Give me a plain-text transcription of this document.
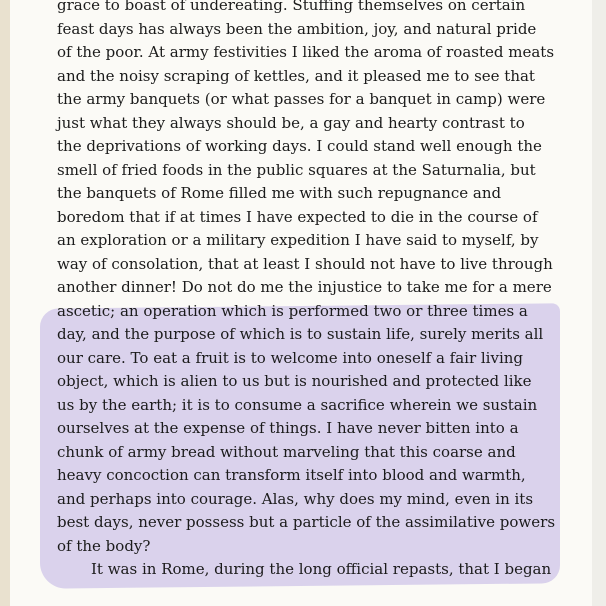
grace to boast of undereating. Stuffing themselves on certain
feast days has always been the ambition, joy, and natural pride
of the poor. At army festivities I liked the aroma of roasted meats
and the noisy scraping of kettles, and it pleased me to see that
the army banquets (or what passes for a banquet in camp) were
just what they always should be, a gay and hearty contrast to
the deprivations of working days. I could stand well enough the
smell of fried foods in the public squares at the Saturnalia, but
the banquets of Rome filled me with such repugnance and
boredom that if at times I have expected to die in the course of
an exploration or a military expedition I have said to myself, by
way of consolation, that at least I should not have to live through
another dinner! Do not do me the injustice to take me for a mere
ascetic; an operation which is performed two or three times a
day, and the purpose of which is to sustain life, surely merits all
our care. To eat a fruit is to welcome into oneself a fair living
object, which is alien to us but is nourished and protected like
us by the earth; it is to consume a sacrifice wherein we sustain
ourselves at the expense of things. I have never bitten into a
chunk of army bread without marveling that this coarse and
heavy concoction can transform itself into blood and warmth,
and perhaps into courage. Alas, why does my mind, even in its
best days, never possess but a particle of the assimilative powers
of the body?
It was in Rome, during the long official repasts, that I began
